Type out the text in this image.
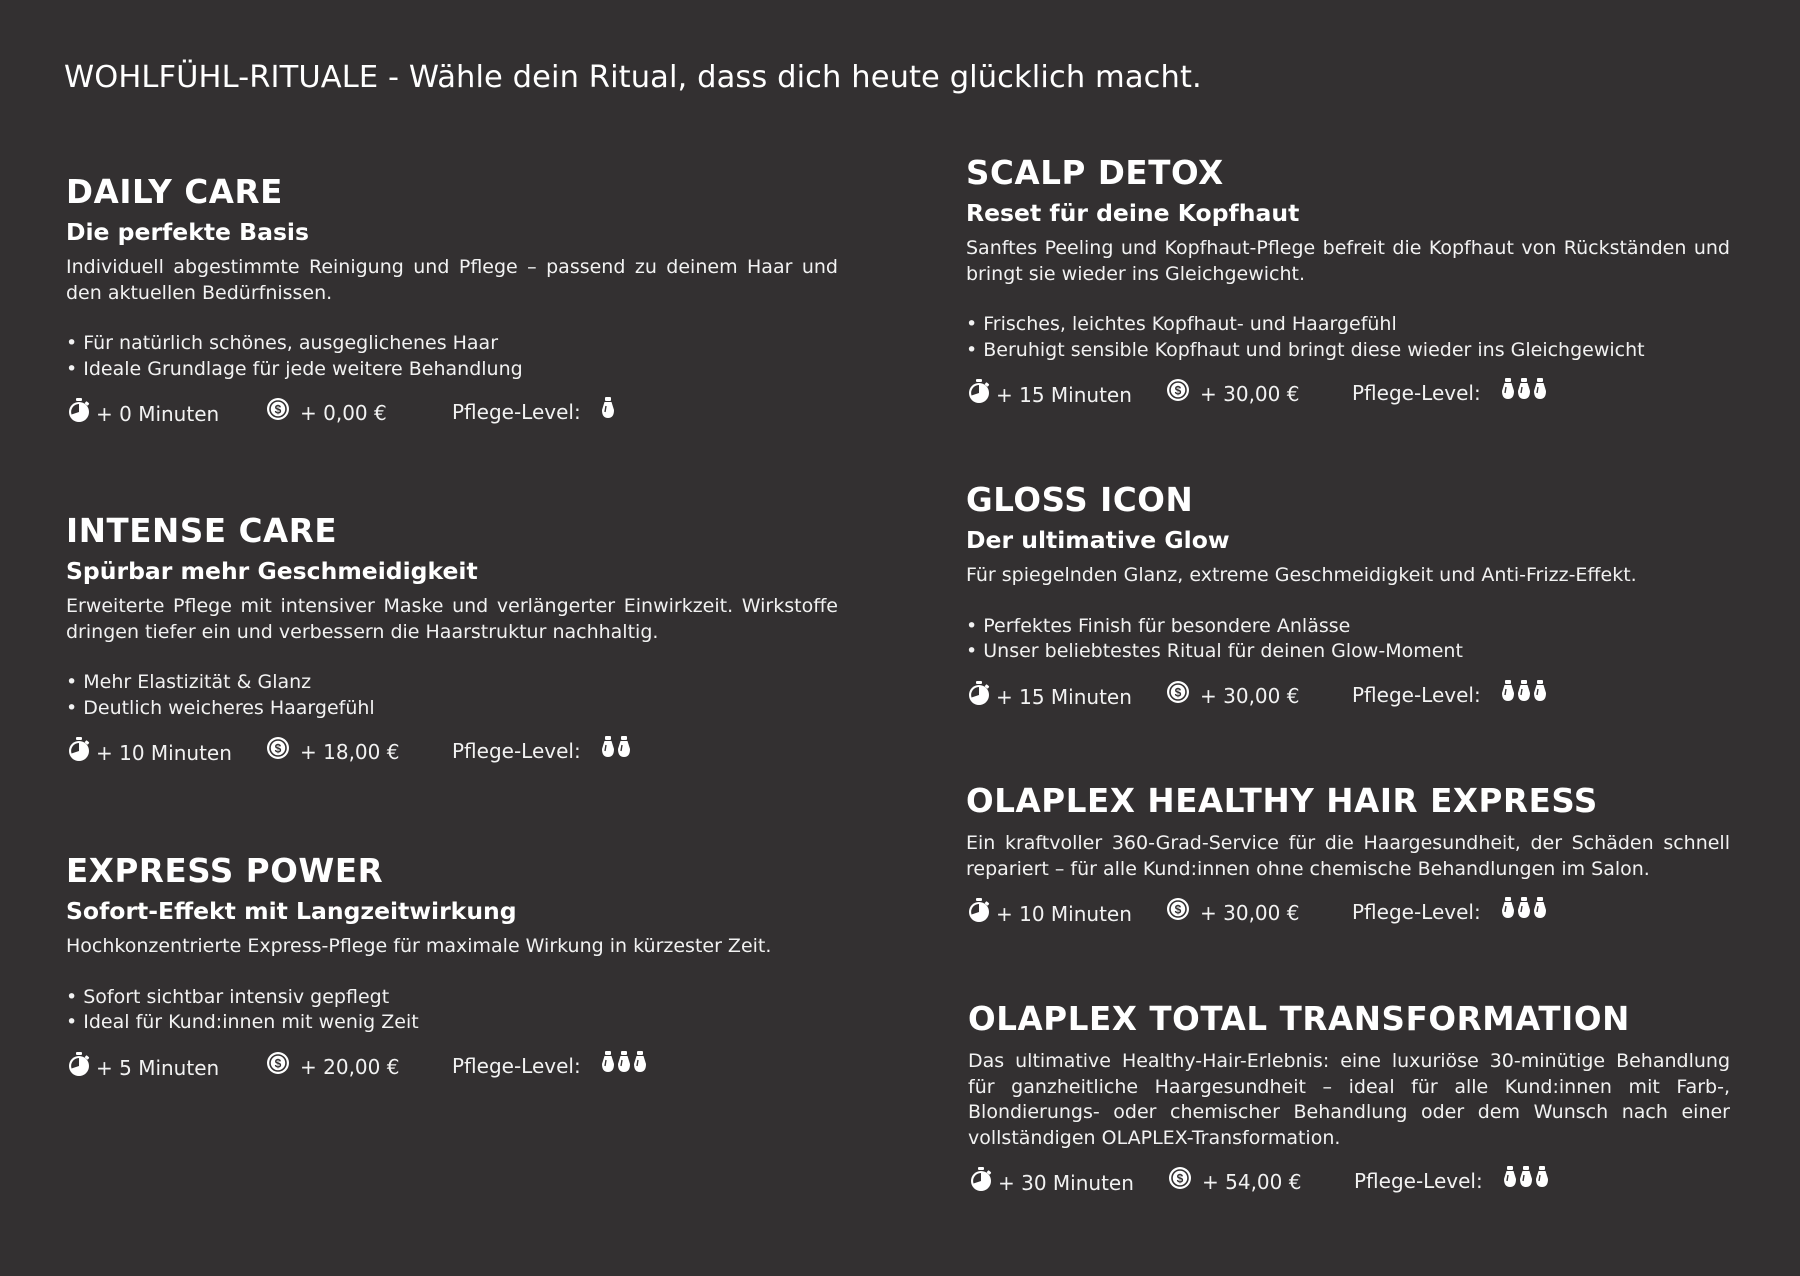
WOHLFÜHL-RITUALE - Wähle dein Ritual, dass dich heute glücklich macht.
DAILY CARE
Die perfekte Basis

Individuell abgestimmte Reinigung und Pflege – passend zu deinem Haar und den aktuellen Bedürfnissen.

• Für natürlich schönes, ausgeglichenes Haar
• Ideale Grundlage für jede weitere Behandlung
+ 0 Minuten	$ + 0,00 €	Pflege-Level:
INTENSE CARE
Spürbar mehr Geschmeidigkeit

Erweiterte Pflege mit intensiver Maske und verlängerter Einwirkzeit. Wirkstoffe dringen tiefer ein und verbessern die Haarstruktur nachhaltig.

• Mehr Elastizität & Glanz
• Deutlich weicheres Haargefühl
+ 10 Minuten	$ + 18,00 €	Pflege-Level:
EXPRESS POWER
Sofort-Effekt mit Langzeitwirkung

Hochkonzentrierte Express-Pflege für maximale Wirkung in kürzester Zeit.

• Sofort sichtbar intensiv gepflegt
• Ideal für Kund:innen mit wenig Zeit
+ 5 Minuten	$ + 20,00 €	Pflege-Level:
SCALP DETOX
Reset für deine Kopfhaut

Sanftes Peeling und Kopfhaut-Pflege befreit die Kopfhaut von Rückständen und bringt sie wieder ins Gleichgewicht.

• Frisches, leichtes Kopfhaut- und Haargefühl
• Beruhigt sensible Kopfhaut und bringt diese wieder ins Gleichgewicht
+ 15 Minuten	$ + 30,00 €	Pflege-Level:
GLOSS ICON
Der ultimative Glow

Für spiegelnden Glanz, extreme Geschmeidigkeit und Anti-Frizz-Effekt.

• Perfektes Finish für besondere Anlässe
• Unser beliebtestes Ritual für deinen Glow-Moment
+ 15 Minuten	$ + 30,00 €	Pflege-Level:
OLAPLEX HEALTHY HAIR EXPRESS

Ein kraftvoller 360-Grad-Service für die Haargesundheit, der Schäden schnell repariert – für alle Kund:innen ohne chemische Behandlungen im Salon.

+ 10 Minuten	$ + 30,00 €	Pflege-Level:
OLAPLEX TOTAL TRANSFORMATION

Das ultimative Healthy-Hair-Erlebnis: eine luxuriöse 30-minütige Behandlung für ganzheitliche Haargesundheit – ideal für alle Kund:innen mit Farb-, Blondierungs- oder chemischer Behandlung oder dem Wunsch nach einer vollständigen OLAPLEX-Transformation.

+ 30 Minuten	$ + 54,00 €	Pflege-Level:
